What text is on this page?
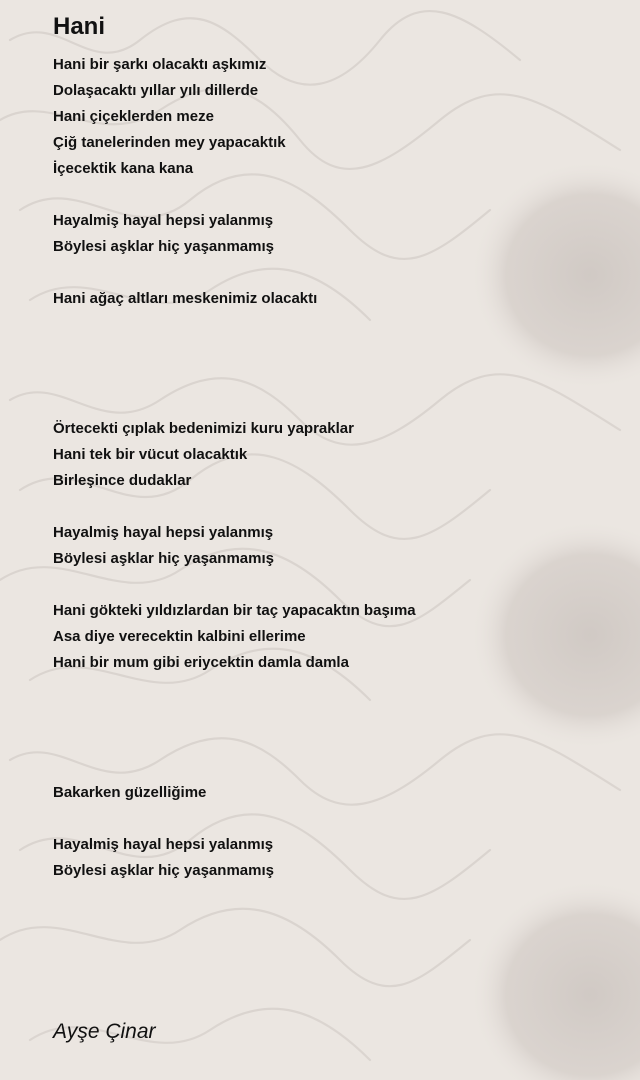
Hani
Hani bir şarkı olacaktı aşkımız
Dolaşacaktı yıllar yılı dillerde
Hani çiçeklerden meze
Çiğ tanelerinden mey yapacaktık
İçecektik kana kana
Hayalmiş hayal hepsi yalanmış
Böylesi aşklar hiç yaşanmamış
Hani ağaç altları meskenimiz olacaktı
Örtecekti çıplak bedenimizi kuru yapraklar
Hani tek bir vücut olacaktık
Birleşince dudaklar
Hayalmiş hayal hepsi yalanmış
Böylesi aşklar hiç yaşanmamış
Hani gökteki yıldızlardan bir taç yapacaktın başıma
Asa diye verecektin kalbini ellerime
Hani bir mum gibi eriycektin damla damla
Bakarken güzelliğime
Hayalmiş hayal hepsi yalanmış
Böylesi aşklar hiç yaşanmamış
Ayşe Çinar
